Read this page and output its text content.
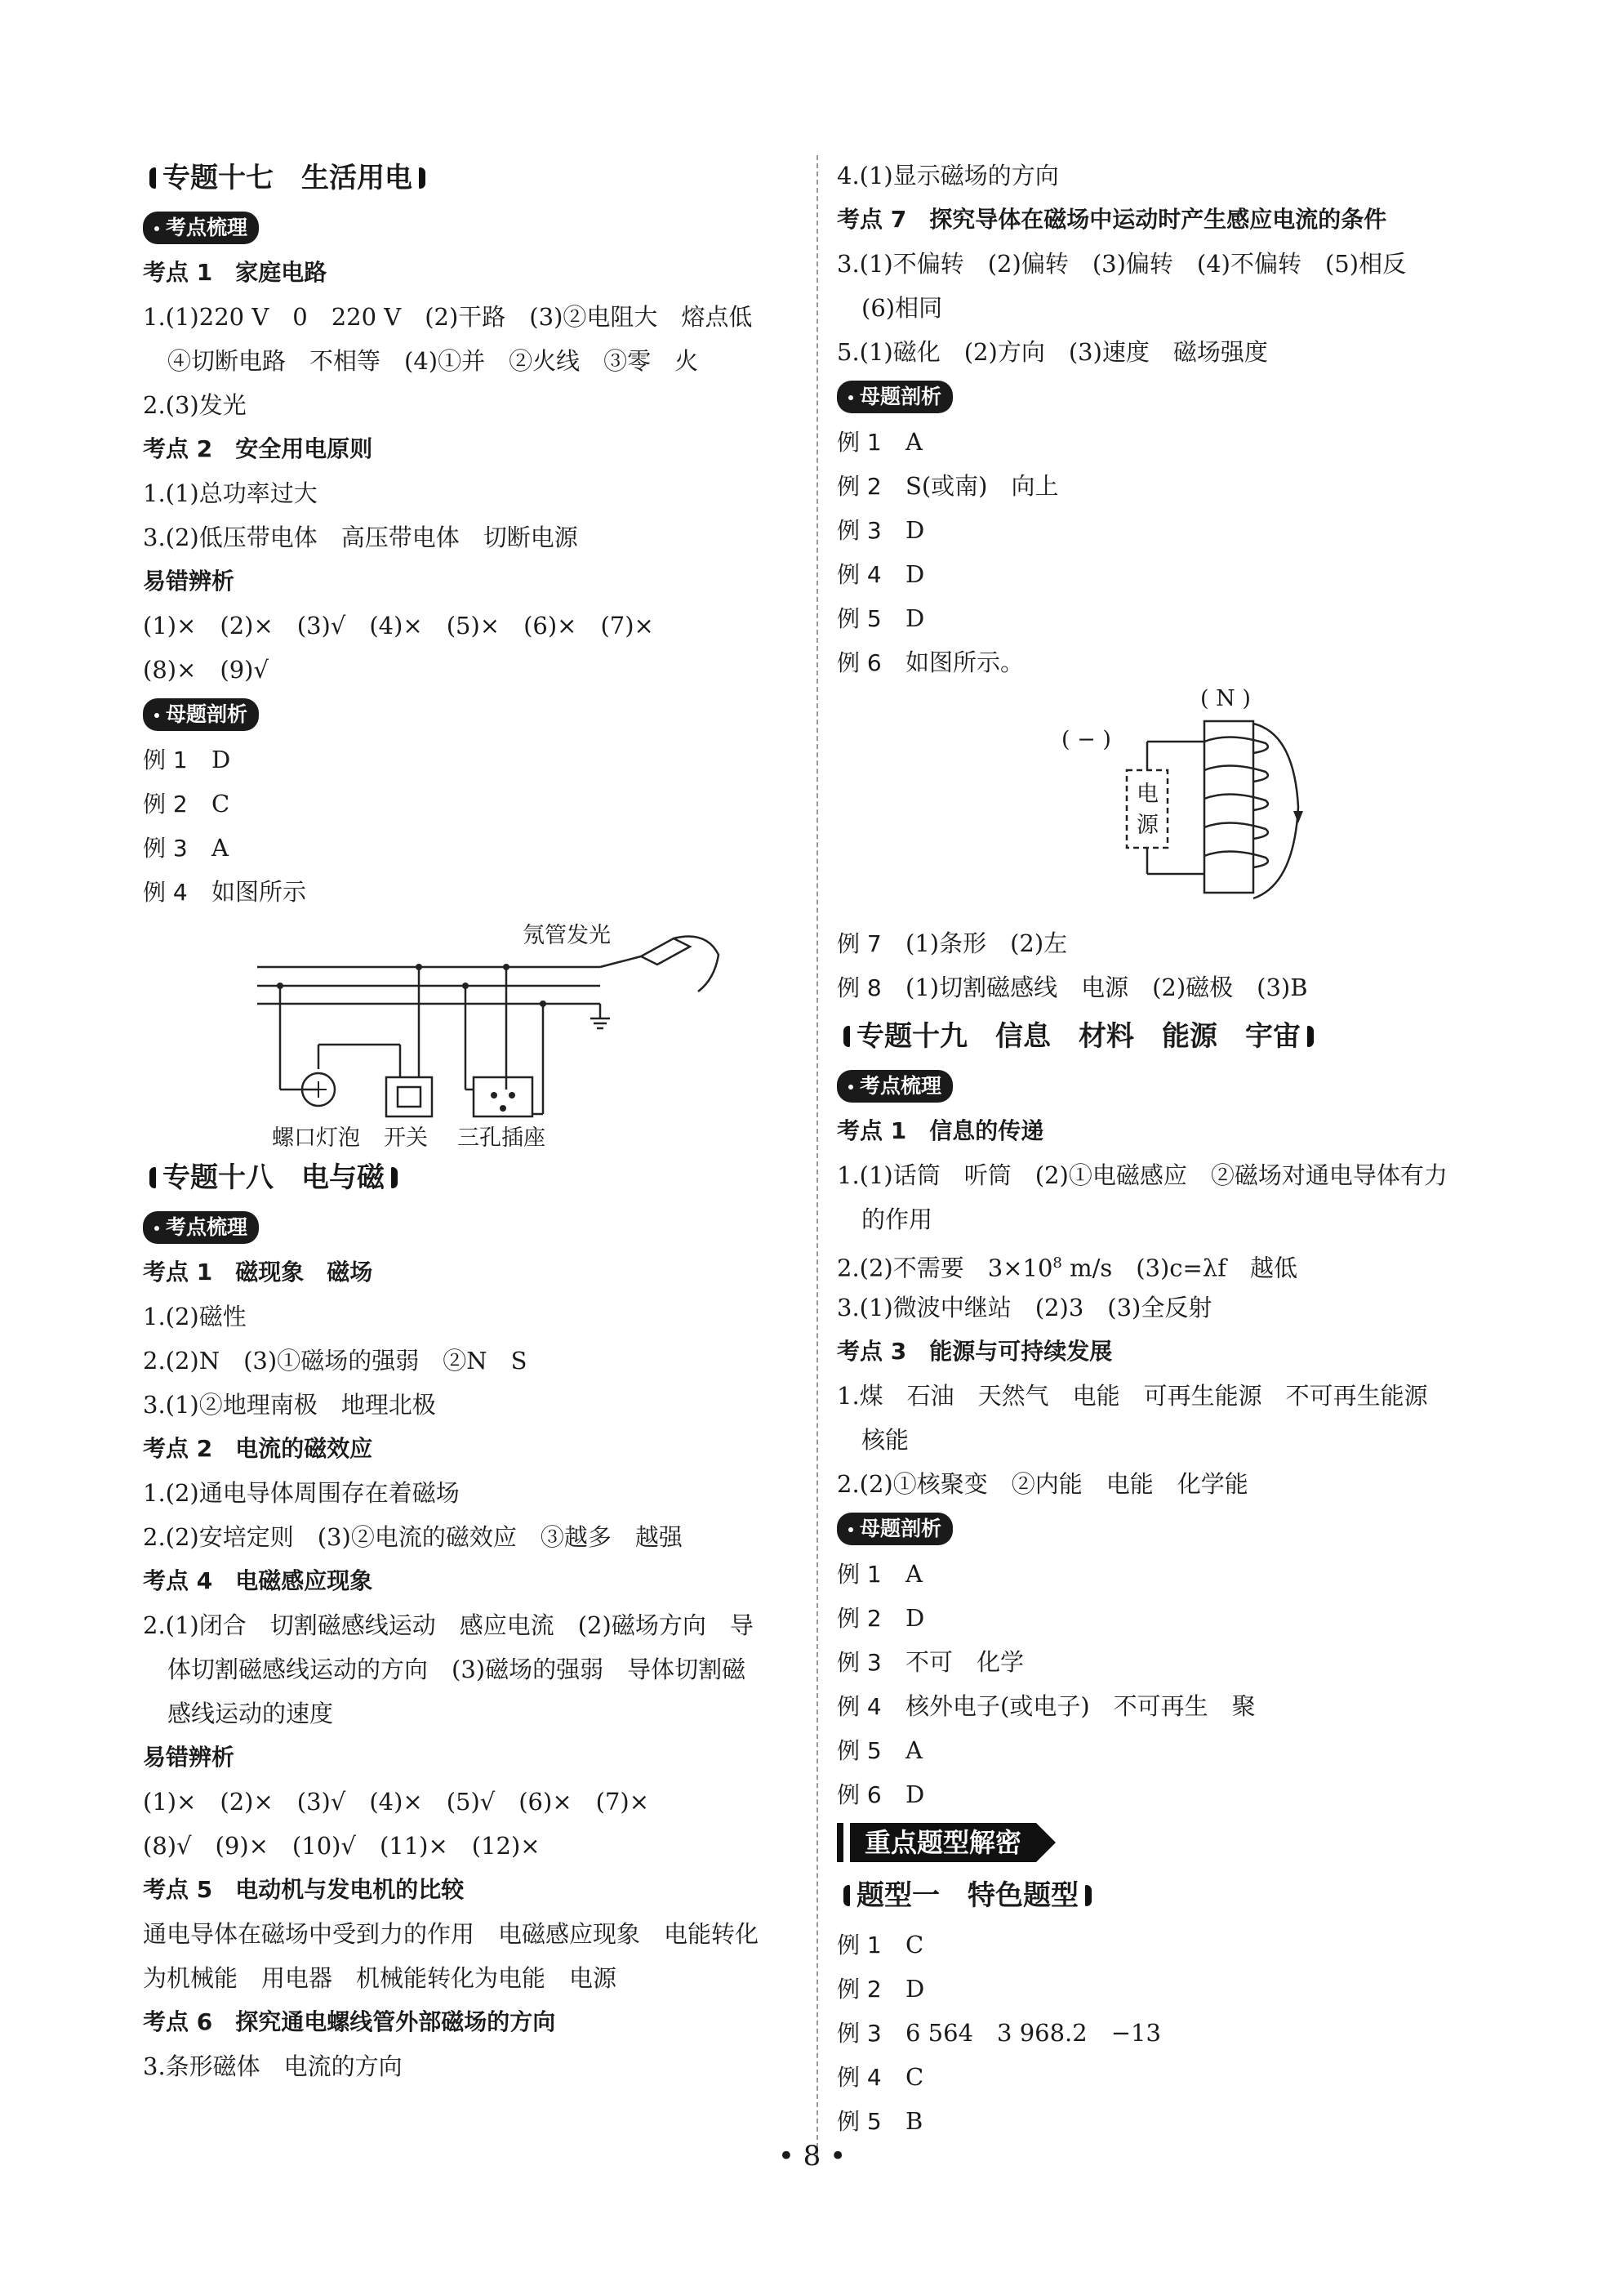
专题十七　生活用电
考点梳理
考点 1　家庭电路
1.(1)220 V　0　220 V　(2)干路　(3)②电阻大　熔点低
④切断电路　不相等　(4)①并　②火线　③零　火
2.(3)发光
考点 2　安全用电原则
1.(1)总功率过大
3.(2)低压带电体　高压带电体　切断电源
易错辨析
(1)×　(2)×　(3)√　(4)×　(5)×　(6)×　(7)×
(8)×　(9)√
母题剖析
例 1 D
例 2 C
例 3 A
例 4 如图所示
氖管发光
螺口灯泡 开关 三孔插座
专题十八　电与磁
考点梳理
考点 1　磁现象　磁场
1.(2)磁性
2.(2)N　(3)①磁场的强弱　②N　S
3.(1)②地理南极　地理北极
考点 2　电流的磁效应
1.(2)通电导体周围存在着磁场
2.(2)安培定则　(3)②电流的磁效应　③越多　越强
考点 4　电磁感应现象
2.(1)闭合　切割磁感线运动　感应电流　(2)磁场方向　导
体切割磁感线运动的方向　(3)磁场的强弱　导体切割磁
感线运动的速度
易错辨析
(1)×　(2)×　(3)√　(4)×　(5)√　(6)×　(7)×
(8)√　(9)×　(10)√　(11)×　(12)×
考点 5　电动机与发电机的比较
通电导体在磁场中受到力的作用　电磁感应现象　电能转化
为机械能　用电器　机械能转化为电能　电源
考点 6　探究通电螺线管外部磁场的方向
3.条形磁体　电流的方向
4.(1)显示磁场的方向
考点 7　探究导体在磁场中运动时产生感应电流的条件
3.(1)不偏转　(2)偏转　(3)偏转　(4)不偏转　(5)相反
(6)相同
5.(1)磁化　(2)方向　(3)速度　磁场强度
母题剖析
例 1 A
例 2 S(或南)　向上
例 3 D
例 4 D
例 5 D
例 6 如图所示。
( N )
( − )
电
源
例 7 (1)条形　(2)左
例 8 (1)切割磁感线　电源　(2)磁极　(3)B
专题十九　信息　材料　能源　宇宙
考点梳理
考点 1　信息的传递
1.(1)话筒　听筒　(2)①电磁感应　②磁场对通电导体有力
的作用
2.(2)不需要　$3\times 10^8$ m/s　(3)c=λf　越低
3.(1)微波中继站　(2)3　(3)全反射
考点 3　能源与可持续发展
1.煤　石油　天然气　电能　可再生能源　不可再生能源
核能
2.(2)①核聚变　②内能　电能　化学能
母题剖析
例 1 A
例 2 D
例 3 不可　化学
例 4 核外电子(或电子)　不可再生　聚
例 5 A
例 6 D
重点题型解密
题型一　特色题型
例 1 C
例 2 D
例 3 6 564　3 968.2　−13
例 4 C
例 5 B
• 8 •
